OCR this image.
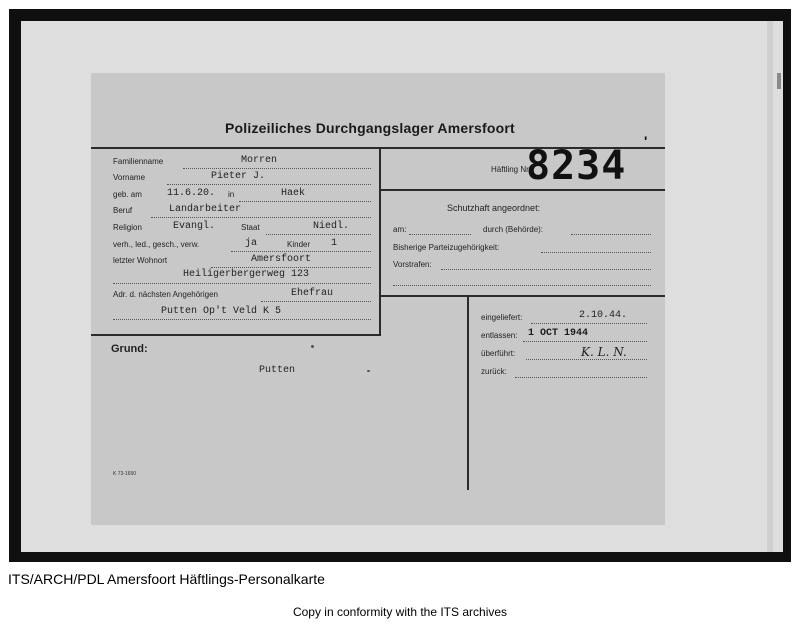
Polizeiliches Durchgangslager Amersfoort
Familienname	Morren
Vorname	Pieter J.
geb. am	11.6.20. in	Haek
Beruf	Landarbeiter
Religion	Evangl.	Staat	Niedl.
verh., led., gesch., verw.	ja	Kinder 1
letzter Wohnort	Amersfoort
Heiligerbergerweg 123
Adr. d. nächsten Angehörigen	Ehefrau
Putten Op't Veld K 5
Grund:
Putten
Häftling Nr.
8234
'
Schutzhaft angeordnet:
am:	durch (Behörde):
Bisherige Parteizugehörigkeit:
Vorstrafen:
eingeliefert:	2.10.44.
entlassen: 1 OCT 1944
überführt:	K. L. N.
zurück:
K 73-1650
ITS/ARCH/PDL Amersfoort Häftlings-Personalkarte
Copy in conformity with the ITS archives
